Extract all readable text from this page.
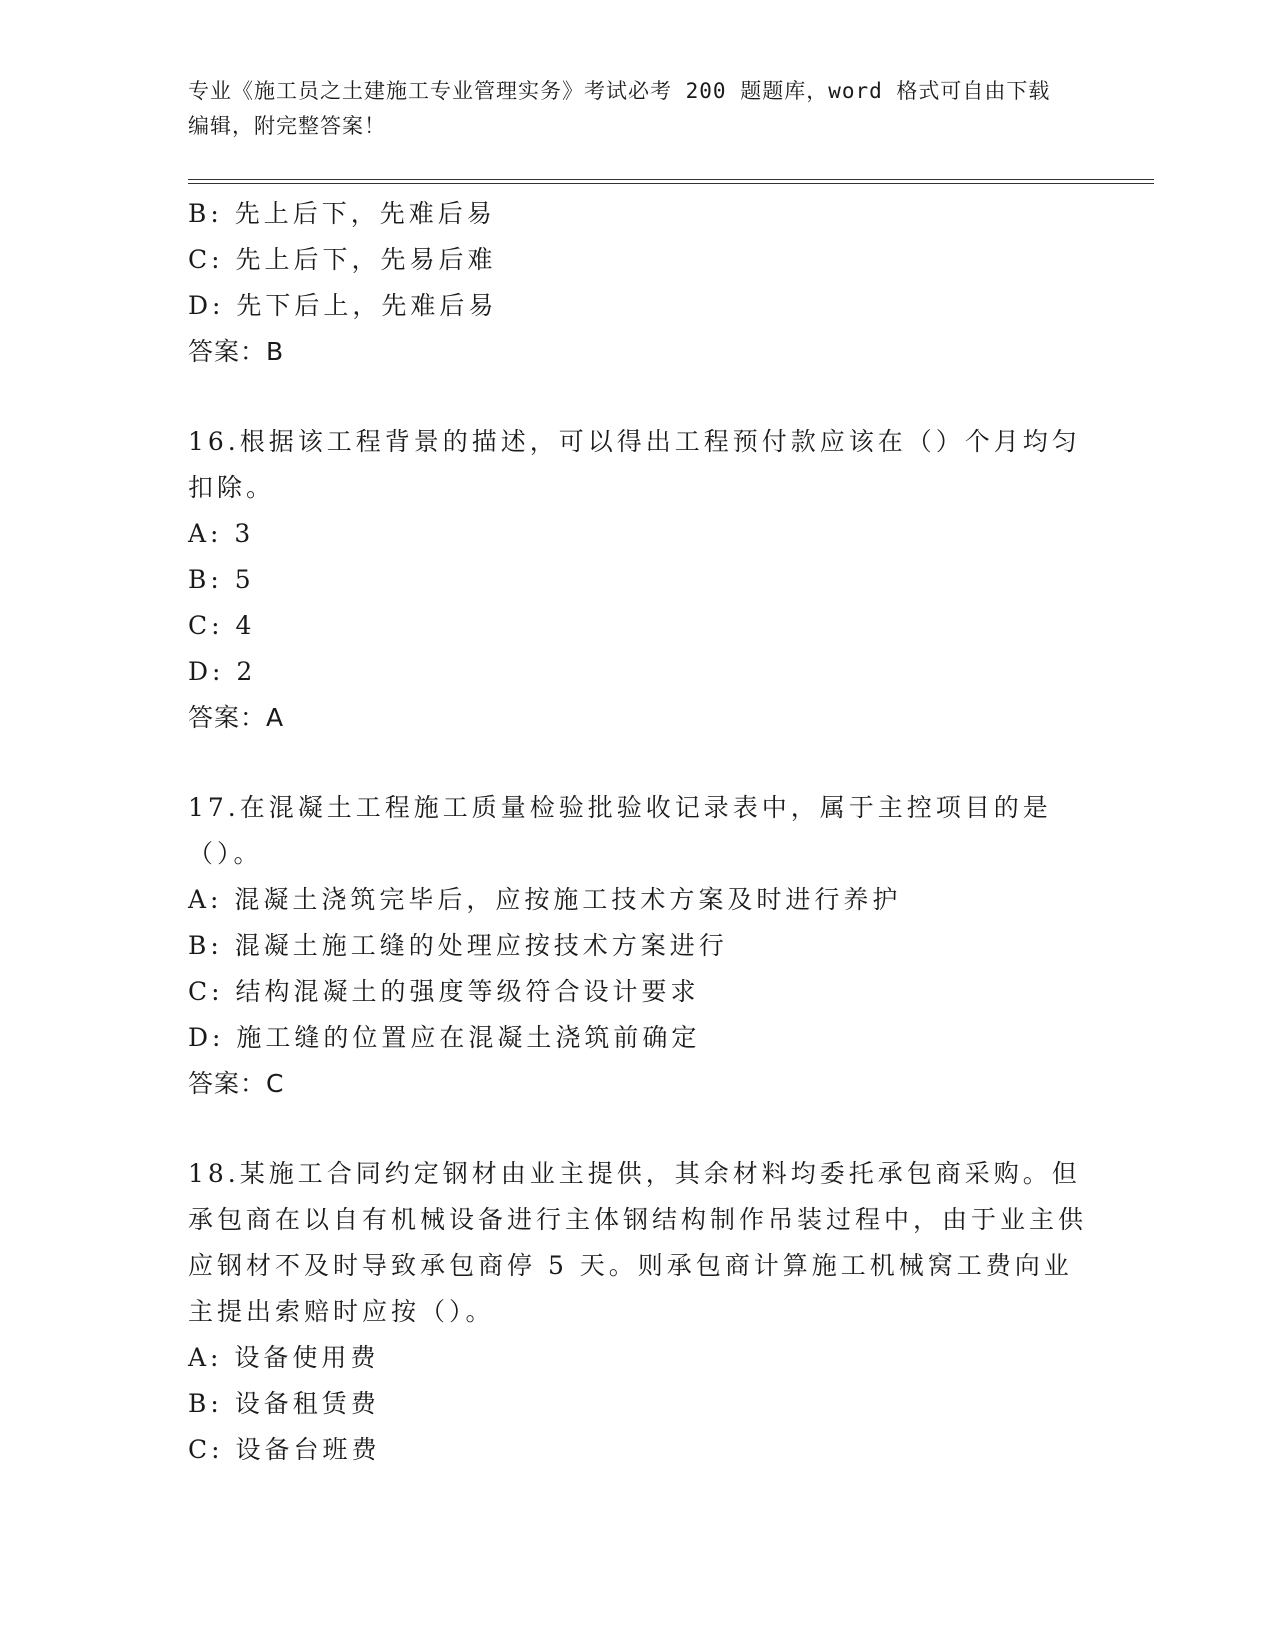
专业《施工员之土建施工专业管理实务》考试必考 200 题题库，word 格式可自由下载编辑，附完整答案！
B: 先上后下，先难后易
C: 先上后下，先易后难
D: 先下后上，先难后易
答案：B
16.根据该工程背景的描述，可以得出工程预付款应该在（）个月均匀扣除。
A: 3
B: 5
C: 4
D: 2
答案：A
17.在混凝土工程施工质量检验批验收记录表中，属于主控项目的是（）。
A: 混凝土浇筑完毕后，应按施工技术方案及时进行养护
B: 混凝土施工缝的处理应按技术方案进行
C: 结构混凝土的强度等级符合设计要求
D: 施工缝的位置应在混凝土浇筑前确定
答案：C
18.某施工合同约定钢材由业主提供，其余材料均委托承包商采购。但承包商在以自有机械设备进行主体钢结构制作吊装过程中，由于业主供应钢材不及时导致承包商停 5 天。则承包商计算施工机械窝工费向业主提出索赔时应按（）。
A: 设备使用费
B: 设备租赁费
C: 设备台班费
